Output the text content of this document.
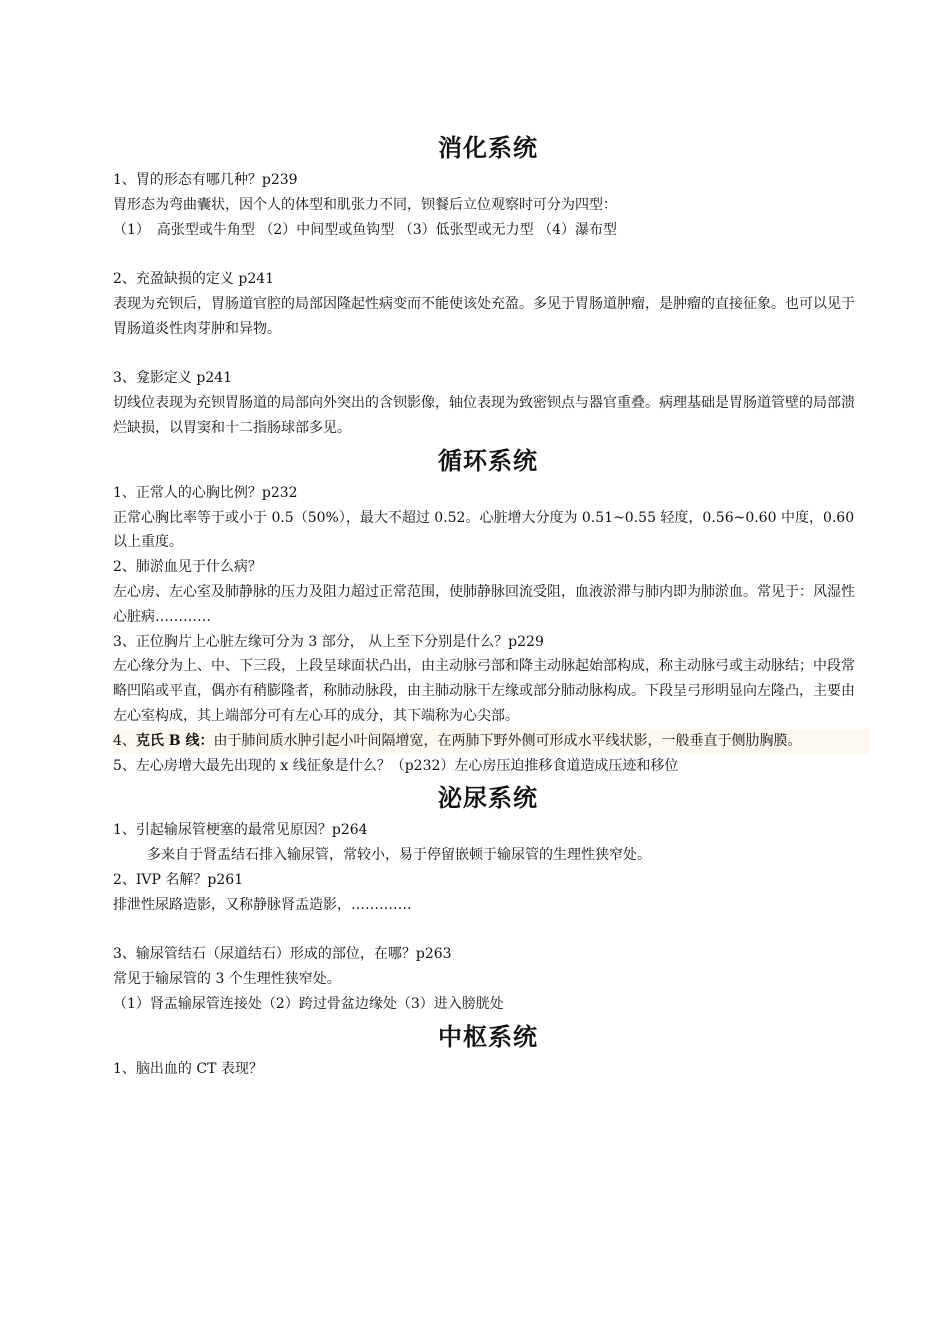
消化系统
1、胃的形态有哪几种？p239
胃形态为弯曲囊状，因个人的体型和肌张力不同，钡餐后立位观察时可分为四型：
（1）　高张型或牛角型 （2）中间型或鱼钩型 （3）低张型或无力型 （4）瀑布型
2、充盈缺损的定义 p241
表现为充钡后，胃肠道官腔的局部因隆起性病变而不能使该处充盈。多见于胃肠道肿瘤，是肿瘤的直接征象。也可以见于胃肠道炎性肉芽肿和异物。
3、龛影定义 p241
切线位表现为充钡胃肠道的局部向外突出的含钡影像，轴位表现为致密钡点与器官重叠。病理基础是胃肠道管壁的局部溃烂缺损，以胃窦和十二指肠球部多见。
循环系统
1、正常人的心胸比例？p232
正常心胸比率等于或小于 0.5（50%），最大不超过 0.52。心脏增大分度为 0.51~0.55 轻度，0.56~0.60 中度，0.60 以上重度。
2、肺淤血见于什么病？
左心房、左心室及肺静脉的压力及阻力超过正常范围，使肺静脉回流受阻，血液淤滞与肺内即为肺淤血。常见于：风湿性心脏病…………
3、正位胸片上心脏左缘可分为 3 部分， 从上至下分别是什么？p229
左心缘分为上、中、下三段，上段呈球面状凸出，由主动脉弓部和降主动脉起始部构成，称主动脉弓或主动脉结；中段常略凹陷或平直，偶亦有稍膨隆者，称肺动脉段，由主肺动脉干左缘或部分肺动脉构成。下段呈弓形明显向左隆凸，主要由左心室构成，其上端部分可有左心耳的成分，其下端称为心尖部。
4、克氏 B 线：由于肺间质水肿引起小叶间隔增宽，在两肺下野外侧可形成水平线状影，一般垂直于侧肋胸膜。
5、左心房增大最先出现的 x 线征象是什么？（p232）左心房压迫推移食道造成压迹和移位
泌尿系统
1、引起输尿管梗塞的最常见原因？p264
多来自于肾盂结石排入输尿管，常较小，易于停留嵌顿于输尿管的生理性狭窄处。
2、IVP 名解？p261
排泄性尿路造影，又称静脉肾盂造影，………….
3、输尿管结石（尿道结石）形成的部位，在哪？p263
常见于输尿管的 3 个生理性狭窄处。
（1）肾盂输尿管连接处（2）跨过骨盆边缘处（3）进入膀胱处
中枢系统
1、脑出血的 CT 表现？
